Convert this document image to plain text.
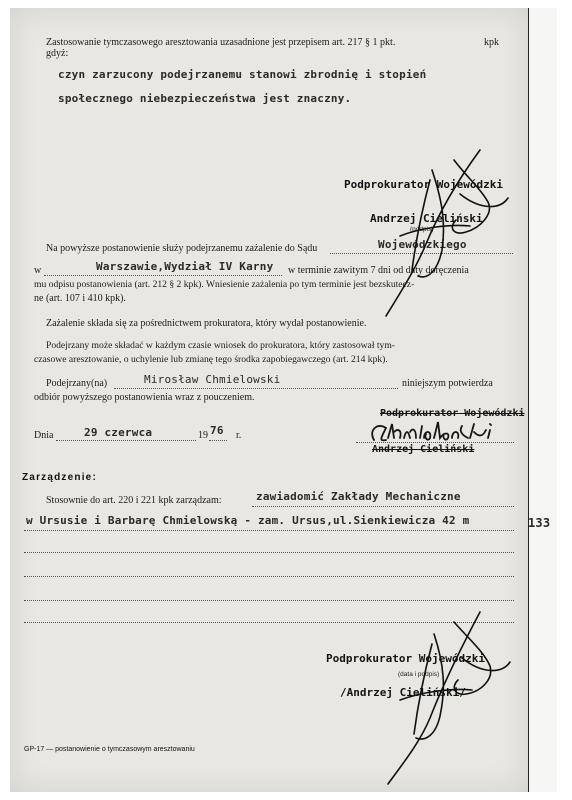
Zastosowanie tymczasowego aresztowania uzasadnione jest przepisem art. 217 § 1 pkt.	kpk
gdyż:
czyn zarzucony podejrzanemu stanowi zbrodnię i stopień
społecznego niebezpieczeństwa jest znaczny.
Podprokurator Wojewódzki
Andrzej Cieliński
(podpis)
Na powyższe postanowienie służy podejrzanemu zażalenie do Sądu	Wojewódzkiego
w	Warszawie,Wydział IV Karny w terminie zawitym 7 dni od daty doręczenia
mu odpisu postanowienia (art. 212 § 2 kpk). Wniesienie zażalenia po tym terminie jest bezskutecz-
ne (art. 107 i 410 kpk).
Zażalenie składa się za pośrednictwem prokuratora, który wydał postanowienie.
Podejrzany może składać w każdym czasie wniosek do prokuratora, który zastosował tym-
czasowe aresztowanie, o uchylenie lub zmianę tego środka zapobiegawczego (art. 214 kpk).
Podejrzany(na)	Mirosław Chmielowski	niniejszym potwierdza
odbiór powyższego postanowienia wraz z pouczeniem.
Podprokurator Wojewódzki
Andrzej Cieliński
Dnia	29 czerwca	19 76 r.
Zarządzenie:
Stosownie do art. 220 i 221 kpk zarządzam:	zawiadomić Zakłady Mechaniczne
w Ursusie i Barbarę Chmielowską - zam. Ursus,ul.Sienkiewicza 42 m	133
Podprokurator Wojewódzki
(data i podpis)
/Andrzej Cieliński/
GP-17 — postanowienie o tymczasowym aresztowaniu
